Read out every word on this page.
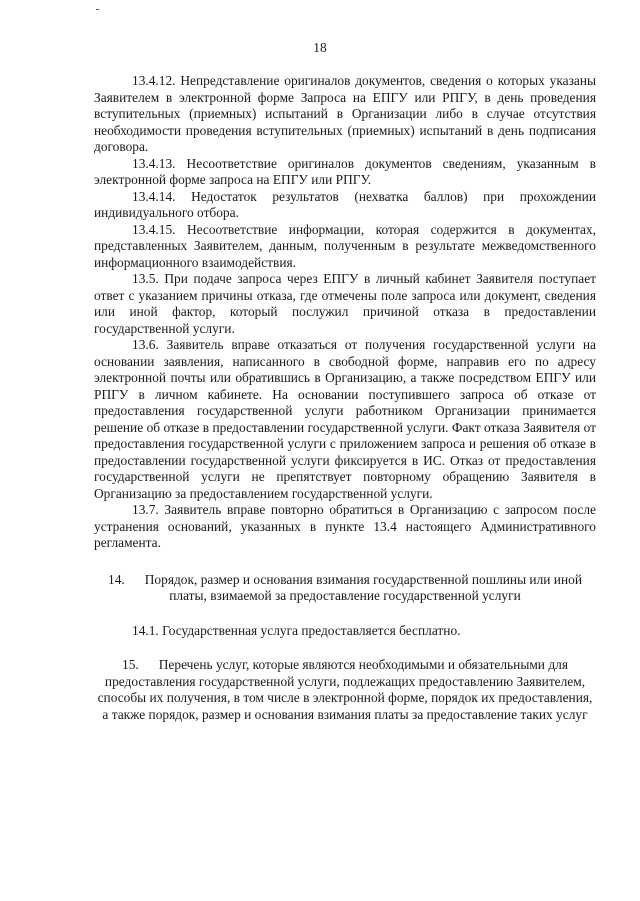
18

13.4.12. Непредставление оригиналов документов, сведения о которых указаны Заявителем в электронной форме Запроса на ЕПГУ или РПГУ, в день проведения вступительных (приемных) испытаний в Организации либо в случае отсутствия необходимости проведения вступительных (приемных) испытаний в день подписания договора.

13.4.13. Несоответствие оригиналов документов сведениям, указанным в электронной форме запроса на ЕПГУ или РПГУ.

13.4.14. Недостаток результатов (нехватка баллов) при прохождении индивидуального отбора.

13.4.15. Несоответствие информации, которая содержится в документах, представленных Заявителем, данным, полученным в результате межведомственного информационного взаимодействия.

13.5. При подаче запроса через ЕПГУ в личный кабинет Заявителя поступает ответ с указанием причины отказа, где отмечены поле запроса или документ, сведения или иной фактор, который послужил причиной отказа в предоставлении государственной услуги.

13.6. Заявитель вправе отказаться от получения государственной услуги на основании заявления, написанного в свободной форме, направив его по адресу электронной почты или обратившись в Организацию, а также посредством ЕПГУ или РПГУ в личном кабинете. На основании поступившего запроса об отказе от предоставления государственной услуги работником Организации принимается решение об отказе в предоставлении государственной услуги. Факт отказа Заявителя от предоставления государственной услуги с приложением запроса и решения об отказе в предоставлении государственной услуги фиксируется в ИС. Отказ от предоставления государственной услуги не препятствует повторному обращению Заявителя в Организацию за предоставлением государственной услуги.

13.7. Заявитель вправе повторно обратиться в Организацию с запросом после устранения оснований, указанных в пункте 13.4 настоящего Административного регламента.

14. Порядок, размер и основания взимания государственной пошлины или иной платы, взимаемой за предоставление государственной услуги

14.1. Государственная услуга предоставляется бесплатно.

15. Перечень услуг, которые являются необходимыми и обязательными для предоставления государственной услуги, подлежащих предоставлению Заявителем, способы их получения, в том числе в электронной форме, порядок их предоставления, а также порядок, размер и основания взимания платы за предоставление таких услуг
